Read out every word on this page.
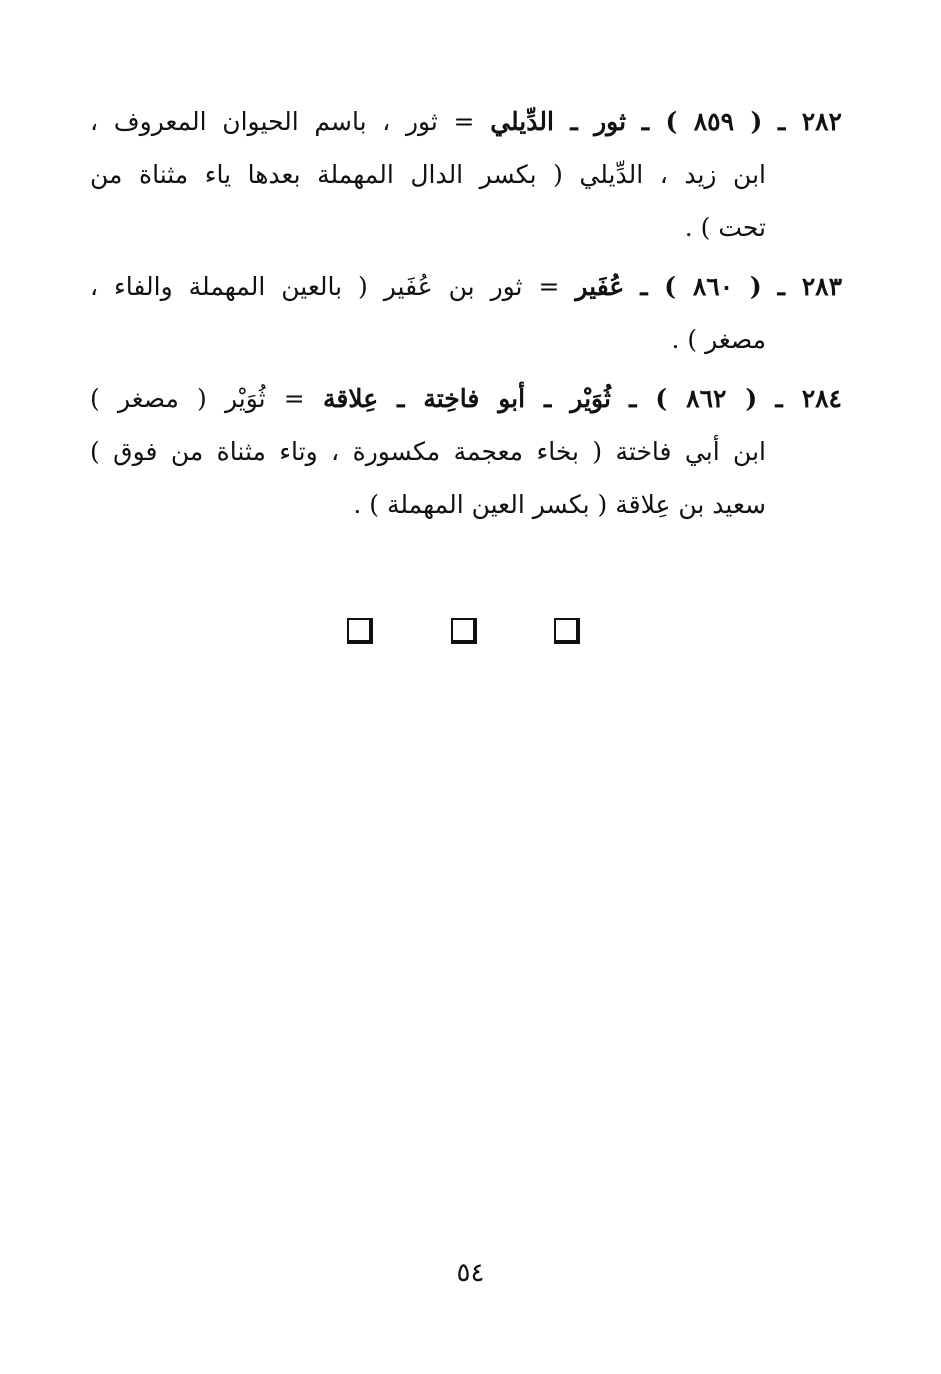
٢٨٢ ـ ( ٨٥٩ ) ـ ثور ـ الدِّيلي = ثور ، باسم الحيوان المعروف ،
ابن زيد ، الدِّيلي ( بكسر الدال المهملة بعدها ياء مثناة من
تحت ) .
٢٨٣ ـ ( ٨٦٠ ) ـ عُفَير = ثور بن عُفَير ( بالعين المهملة والفاء ،
مصغر ) .
٢٨٤ ـ ( ٨٦٢ ) ـ ثُوَيْر ـ أبو فاخِتة ـ عِلاقة = ثُوَيْر ( مصغر )
ابن أبي فاختة ( بخاء معجمة مكسورة ، وتاء مثناة من فوق )
سعيد بن عِلاقة ( بكسر العين المهملة ) .
٥٤
